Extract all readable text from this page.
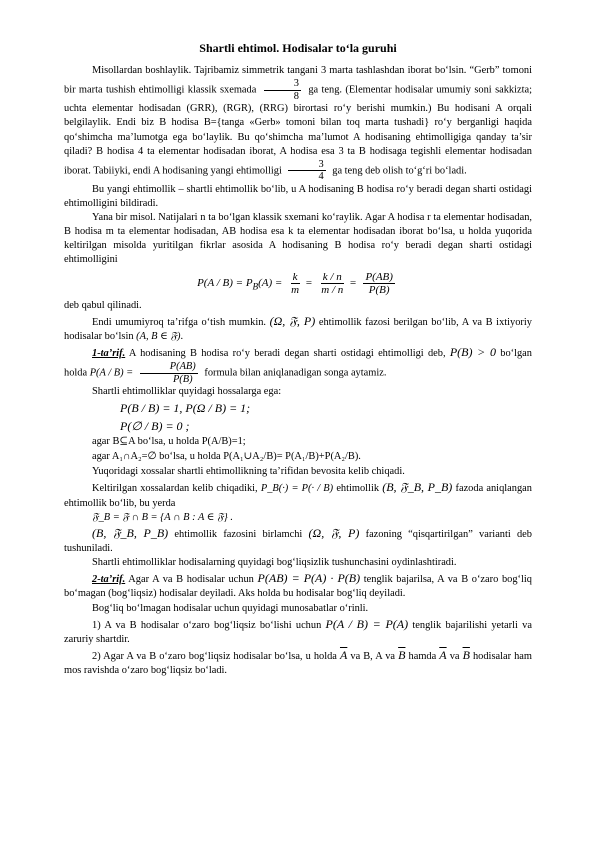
Shartli ehtimol. Hodisalar to‘la guruhi

Misollardan boshlaylik. Tajribamiz simmetrik tangani 3 marta tashlashdan iborat bo‘lsin. “Gerb” tomoni bir marta tushish ehtimolligi klassik sxemada $\frac{3}{8}$ ga teng. (Elementar hodisalar umumiy soni sakkizta; uchta elementar hodisadan (GRR), (RGR), (RRG) birortasi ro‘y berishi mumkin.) Bu hodisani A orqali belgilaylik. Endi biz B hodisa B={tanga «Gerb» tomoni bilan toq marta tushadi} ro‘y berganligi haqida qo‘shimcha ma’lumotga ega bo‘laylik. Bu qo‘shimcha ma’lumot A hodisaning ehtimolligiga qanday ta’sir qiladi? B hodisa 4 ta elementar hodisadan iborat, A hodisa esa 3 ta B hodisaga tegishli elementar hodisadan iborat. Tabiiyki, endi A hodisaning yangi ehtimolligi $\frac{3}{4}$ ga teng deb olish to‘g‘ri bo‘ladi.

Bu yangi ehtimollik – shartli ehtimollik bo‘lib, u A hodisaning B hodisa ro‘y beradi degan sharti ostidagi ehtimolligini bildiradi.

Yana bir misol. Natijalari n ta bo‘lgan klassik sxemani ko‘raylik. Agar A hodisa r ta elementar hodisadan, B hodisa m ta elementar hodisadan, AB hodisa esa k ta elementar hodisadan iborat bo‘lsa, u holda yuqorida keltirilgan misolda yuritilgan fikrlar asosida A hodisaning B hodisa ro‘y beradi degan sharti ostidagi ehtimolligini

$P(A / B) = P_B(A) = \frac{k}{m} = \frac{k / n}{m / n} = \frac{P(AB)}{P(B)}$

deb qabul qilinadi.

Endi umumiyroq ta’rifga o‘tish mumkin. (Ω, 𝔉, P) ehtimollik fazosi berilgan bo‘lib, A va B ixtiyoriy hodisalar bo‘lsin (A, B ∈ 𝔉).

1-ta’rif. A hodisaning B hodisa ro‘y beradi degan sharti ostidagi ehtimolligi deb, P(B) > 0 bo‘lgan holda $P(A / B) = \frac{P(AB)}{P(B)}$ formula bilan aniqlanadigan songa aytamiz.

Shartli ehtimolliklar quyidagi hossalarga ega:

P(B / B) = 1, P(Ω / B) = 1;

P(∅ / B) = 0 ;

agar B⊆A bo‘lsa, u holda P(A/B)=1;

agar A₁∩A₂=∅ bo‘lsa, u holda P(A₁∪A₂/B)= P(A₁/B)+P(A₂/B).

Yuqoridagi xossalar shartli ehtimollikning ta’rifidan bevosita kelib chiqadi.

Keltirilgan xossalardan kelib chiqadiki, P_B(·) = P(· / B) ehtimollik (B, 𝔉_B, P_B) fazoda aniqlangan ehtimollik bo‘lib, bu yerda

𝔉_B = 𝔉 ∩ B = {A ∩ B : A ∈ 𝔉} .

(B, 𝔉_B, P_B) ehtimollik fazosini birlamchi (Ω, 𝔉, P) fazoning “qisqartirilgan” varianti deb tushuniladi.

Shartli ehtimolliklar hodisalarning quyidagi bog‘liqsizlik tushunchasini oydinlashtiradi.

2-ta’rif. Agar A va B hodisalar uchun P(AB) = P(A) · P(B) tenglik bajarilsa, A va B o‘zaro bog‘liq bo‘magan (bog‘liqsiz) hodisalar deyiladi. Aks holda bu hodisalar bog‘liq deyiladi.

Bog‘liq bo‘lmagan hodisalar uchun quyidagi munosabatlar o‘rinli.

1) A va B hodisalar o‘zaro bog‘liqsiz bo‘lishi uchun P(A / B) = P(A) tenglik bajarilishi yetarli va zaruriy shartdir.

2) Agar A va B o‘zaro bog‘liqsiz hodisalar bo‘lsa, u holda $\overline{A}$ va B, A va $\overline{B}$ hamda $\overline{A}$ va $\overline{B}$ hodisalar ham mos ravishda o‘zaro bog‘liqsiz bo‘ladi.
